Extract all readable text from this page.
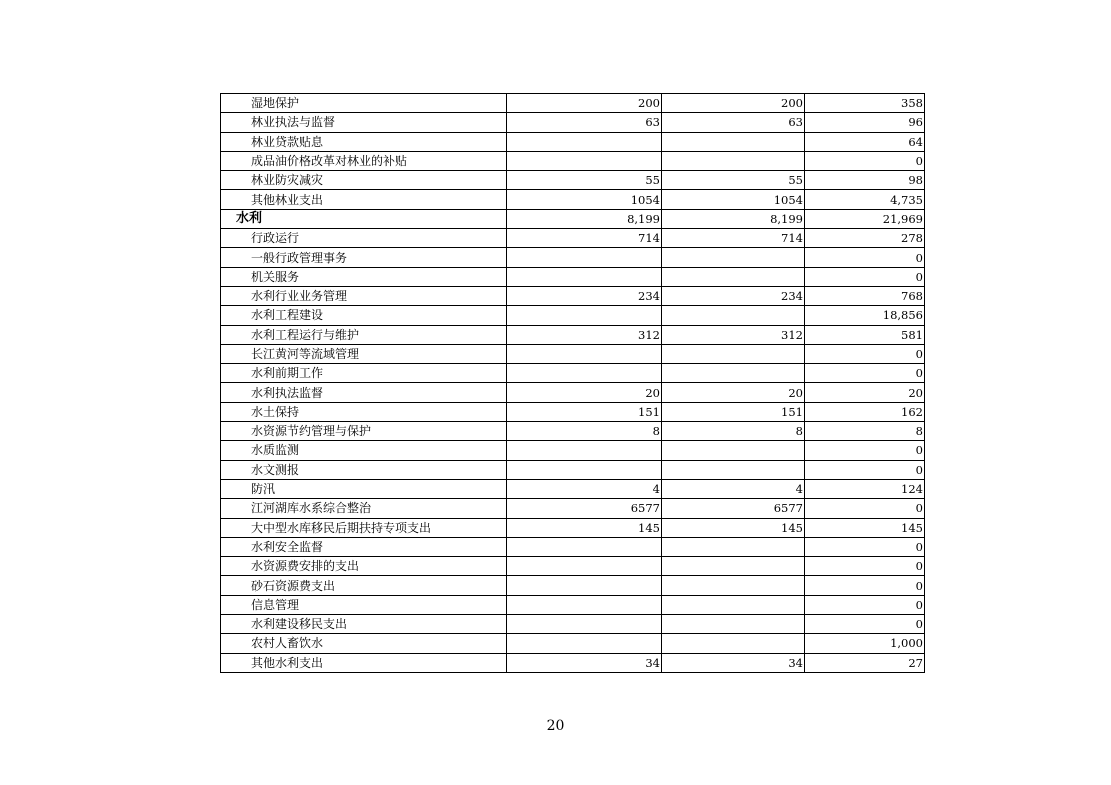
湿地保护	200	200	358
林业执法与监督	63	63	96
林业贷款贴息			64
成品油价格改革对林业的补贴			0
林业防灾减灾	55	55	98
其他林业支出	1054	1054	4,735
水利	8,199	8,199	21,969
行政运行	714	714	278
一般行政管理事务			0
机关服务			0
水利行业业务管理	234	234	768
水利工程建设			18,856
水利工程运行与维护	312	312	581
长江黄河等流域管理			0
水利前期工作			0
水利执法监督	20	20	20
水土保持	151	151	162
水资源节约管理与保护	8	8	8
水质监测			0
水文测报			0
防汛	4	4	124
江河湖库水系综合整治	6577	6577	0
大中型水库移民后期扶持专项支出	145	145	145
水利安全监督			0
水资源费安排的支出			0
砂石资源费支出			0
信息管理			0
水利建设移民支出			0
农村人畜饮水			1,000
其他水利支出	34	34	27
20
